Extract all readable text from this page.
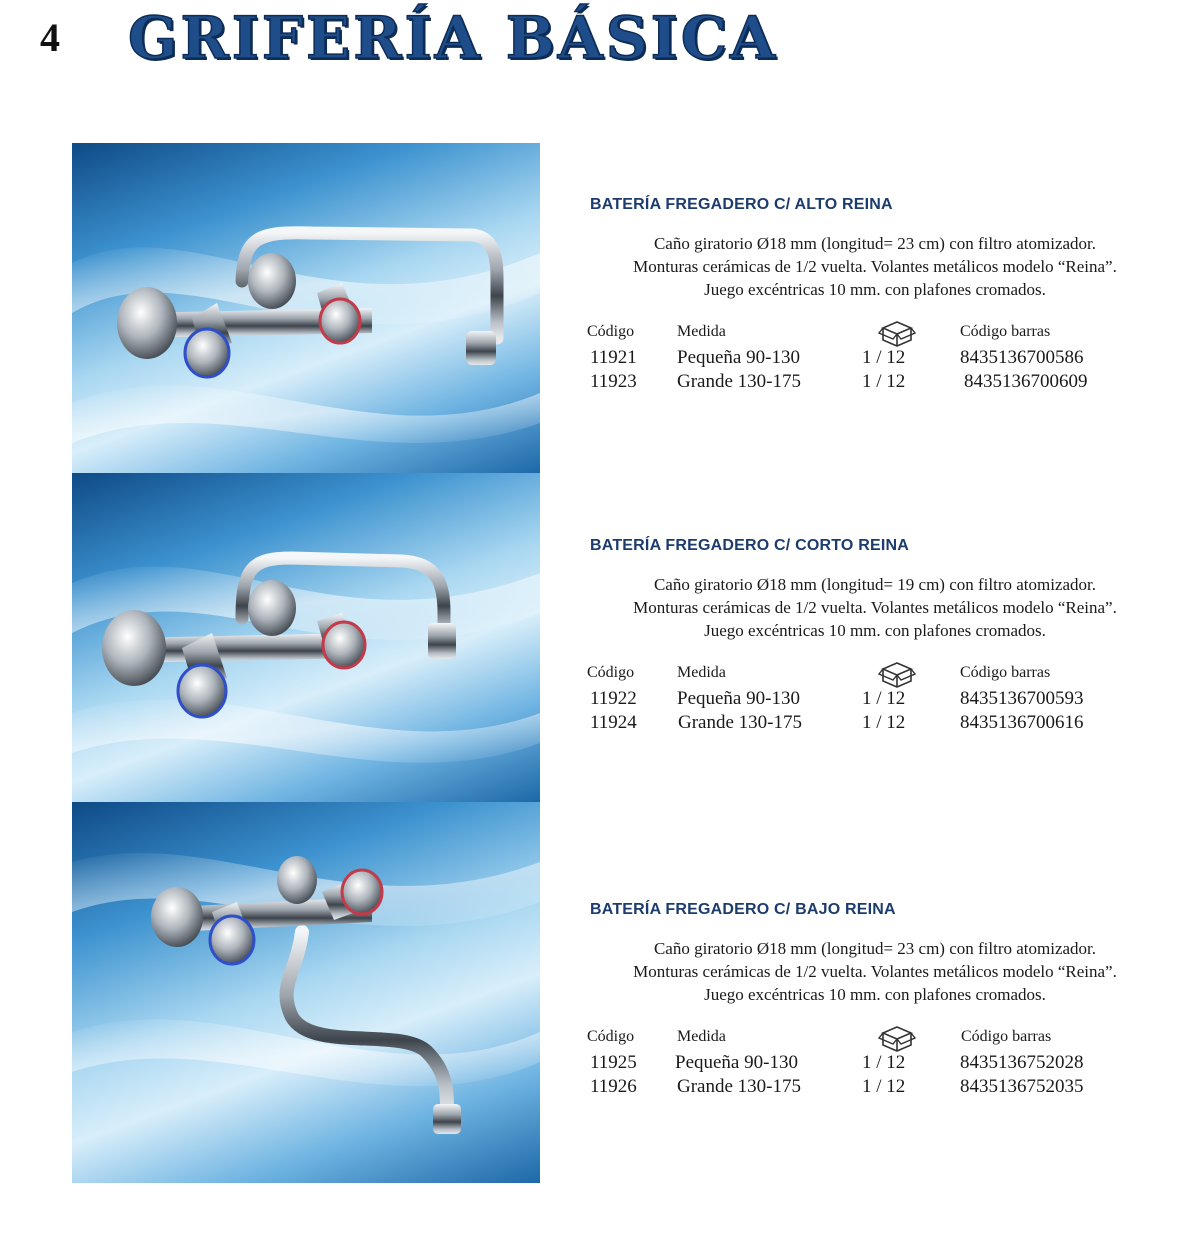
4 GRIFERÍA BÁSICA
BATERÍA FREGADERO C/ ALTO REINA
Caño giratorio Ø18 mm (longitud= 23 cm) con filtro atomizador.
Monturas cerámicas de 1/2 vuelta. Volantes metálicos modelo “Reina”.
Juego excéntricas 10 mm. con plafones cromados.
Código	Medida	Código barras
11921 Pequeña 90-130	1 / 12	8435136700586
11923 Grande 130-175	1 / 12	8435136700609
BATERÍA FREGADERO C/ CORTO REINA
Caño giratorio Ø18 mm (longitud= 19 cm) con filtro atomizador.
Monturas cerámicas de 1/2 vuelta. Volantes metálicos modelo “Reina”.
Juego excéntricas 10 mm. con plafones cromados.
Código	Medida	Código barras
11922 Pequeña 90-130	1 / 12	8435136700593
11924 Grande 130-175	1 / 12	8435136700616
BATERÍA FREGADERO C/ BAJO REINA
Caño giratorio Ø18 mm (longitud= 23 cm) con filtro atomizador.
Monturas cerámicas de 1/2 vuelta. Volantes metálicos modelo “Reina”.
Juego excéntricas 10 mm. con plafones cromados.
Código	Medida	Código barras
11925 Pequeña 90-130	1 / 12	8435136752028
11926 Grande 130-175	1 / 12	8435136752035
